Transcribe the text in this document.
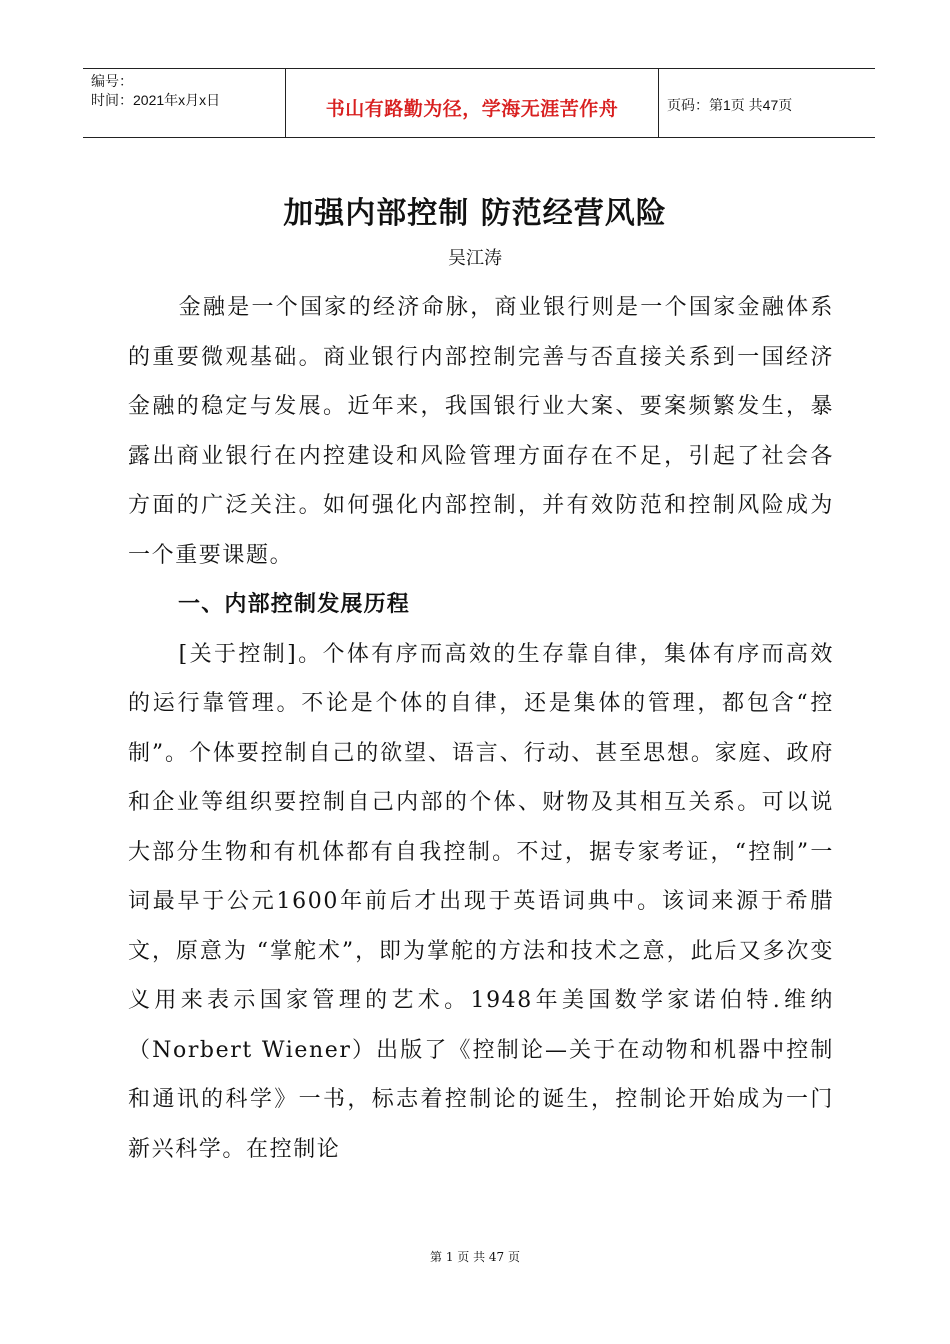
编号：
时间：2021年x月x日	书山有路勤为径，学海无涯苦作舟	页码：第1页 共47页
加强内部控制 防范经营风险
吴江涛

金融是一个国家的经济命脉，商业银行则是一个国家金融体系的重要微观基础。商业银行内部控制完善与否直接关系到一国经济金融的稳定与发展。近年来，我国银行业大案、要案频繁发生，暴露出商业银行在内控建设和风险管理方面存在不足，引起了社会各方面的广泛关注。如何强化内部控制，并有效防范和控制风险成为一个重要课题。

一、内部控制发展历程

[关于控制]。个体有序而高效的生存靠自律，集体有序而高效的运行靠管理。不论是个体的自律，还是集体的管理，都包含“控制”。个体要控制自己的欲望、语言、行动、甚至思想。家庭、政府和企业等组织要控制自己内部的个体、财物及其相互关系。可以说大部分生物和有机体都有自我控制。不过，据专家考证，“控制”一词最早于公元1600年前后才出现于英语词典中。该词来源于希腊文，原意为 “掌舵术”，即为掌舵的方法和技术之意，此后又多次变义用来表示国家管理的艺术。1948年美国数学家诺伯特.维纳（Norbert Wiener）出版了《控制论—关于在动物和机器中控制和通讯的科学》一书，标志着控制论的诞生，控制论开始成为一门新兴科学。在控制论

第 1 页 共 47 页
